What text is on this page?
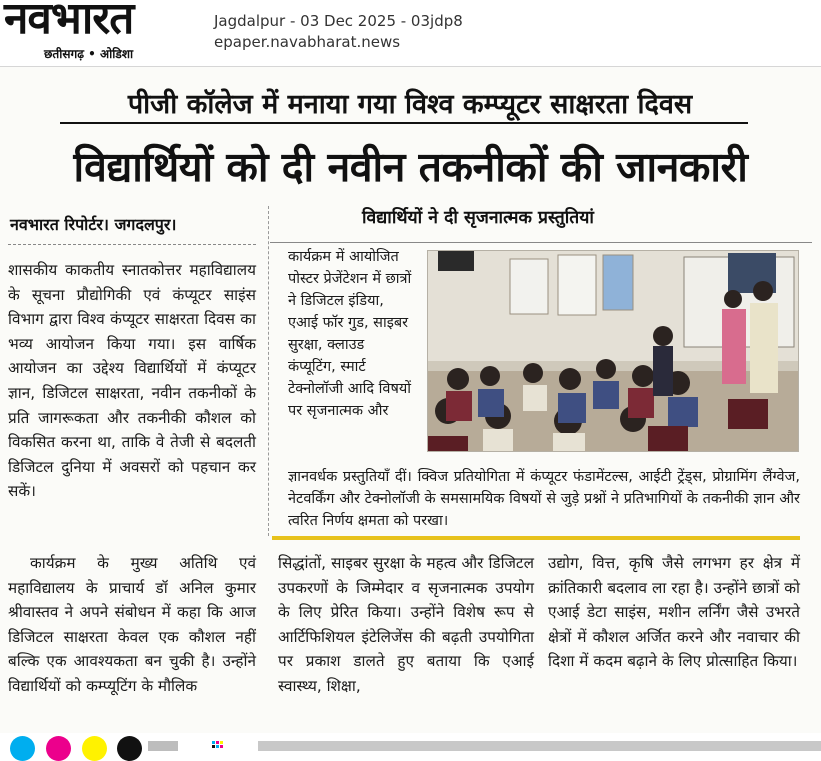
नवभारत
छतीसगढ़ • ओडिशा
Jagdalpur - 03 Dec 2025 - 03jdp8
epaper.navabharat.news
पीजी कॉलेज में मनाया गया विश्व कम्प्यूटर साक्षरता दिवस
विद्यार्थियों को दी नवीन तकनीकों की जानकारी
नवभारत रिपोर्टर। जगदलपुर।

शासकीय काकतीय स्नातकोत्तर महाविद्यालय के सूचना प्रौद्योगिकी एवं कंप्यूटर साइंस विभाग द्वारा विश्व कंप्यूटर साक्षरता दिवस का भव्य आयोजन किया गया। इस वार्षिक आयोजन का उद्देश्य विद्यार्थियों में कंप्यूटर ज्ञान, डिजिटल साक्षरता, नवीन तकनीकों के प्रति जागरूकता और तकनीकी कौशल को विकसित करना था, ताकि वे तेजी से बदलती डिजिटल दुनिया में अवसरों को पहचान कर सकें।

कार्यक्रम के मुख्य अतिथि एवं महाविद्यालय के प्राचार्य डॉ अनिल कुमार श्रीवास्तव ने अपने संबोधन में कहा कि आज डिजिटल साक्षरता केवल एक कौशल नहीं बल्कि एक आवश्यकता बन चुकी है। उन्होंने विद्यार्थियों को कम्प्यूटिंग के मौलिक

विद्यार्थियों ने दी सृजनात्मक प्रस्तुतियां
कार्यक्रम में आयोजित पोस्टर प्रेजेंटेशन में छात्रों ने डिजिटल इंडिया, एआई फॉर गुड, साइबर सुरक्षा, क्लाउड कंप्यूटिंग, स्मार्ट टेक्नोलॉजी आदि विषयों पर सृजनात्मक और
ज्ञानवर्धक प्रस्तुतियाँ दीं। क्विज प्रतियोगिता में कंप्यूटर फंडामेंटल्स, आईटी ट्रेंड्स, प्रोग्रामिंग लैंग्वेज, नेटवर्किंग और टेक्नोलॉजी के समसामयिक विषयों से जुड़े प्रश्नों ने प्रतिभागियों के तकनीकी ज्ञान और त्वरित निर्णय क्षमता को परखा।

सिद्धांतों, साइबर सुरक्षा के महत्व और डिजिटल उपकरणों के जिम्मेदार व सृजनात्मक उपयोग के लिए प्रेरित किया। उन्होंने विशेष रूप से आर्टिफिशियल इंटेलिजेंस की बढ़ती उपयोगिता पर प्रकाश डालते हुए बताया कि एआई स्वास्थ्य, शिक्षा,

उद्योग, वित्त, कृषि जैसे लगभग हर क्षेत्र में क्रांतिकारी बदलाव ला रहा है। उन्होंने छात्रों को एआई डेटा साइंस, मशीन लर्निंग जैसे उभरते क्षेत्रों में कौशल अर्जित करने और नवाचार की दिशा में कदम बढ़ाने के लिए प्रोत्साहित किया।
